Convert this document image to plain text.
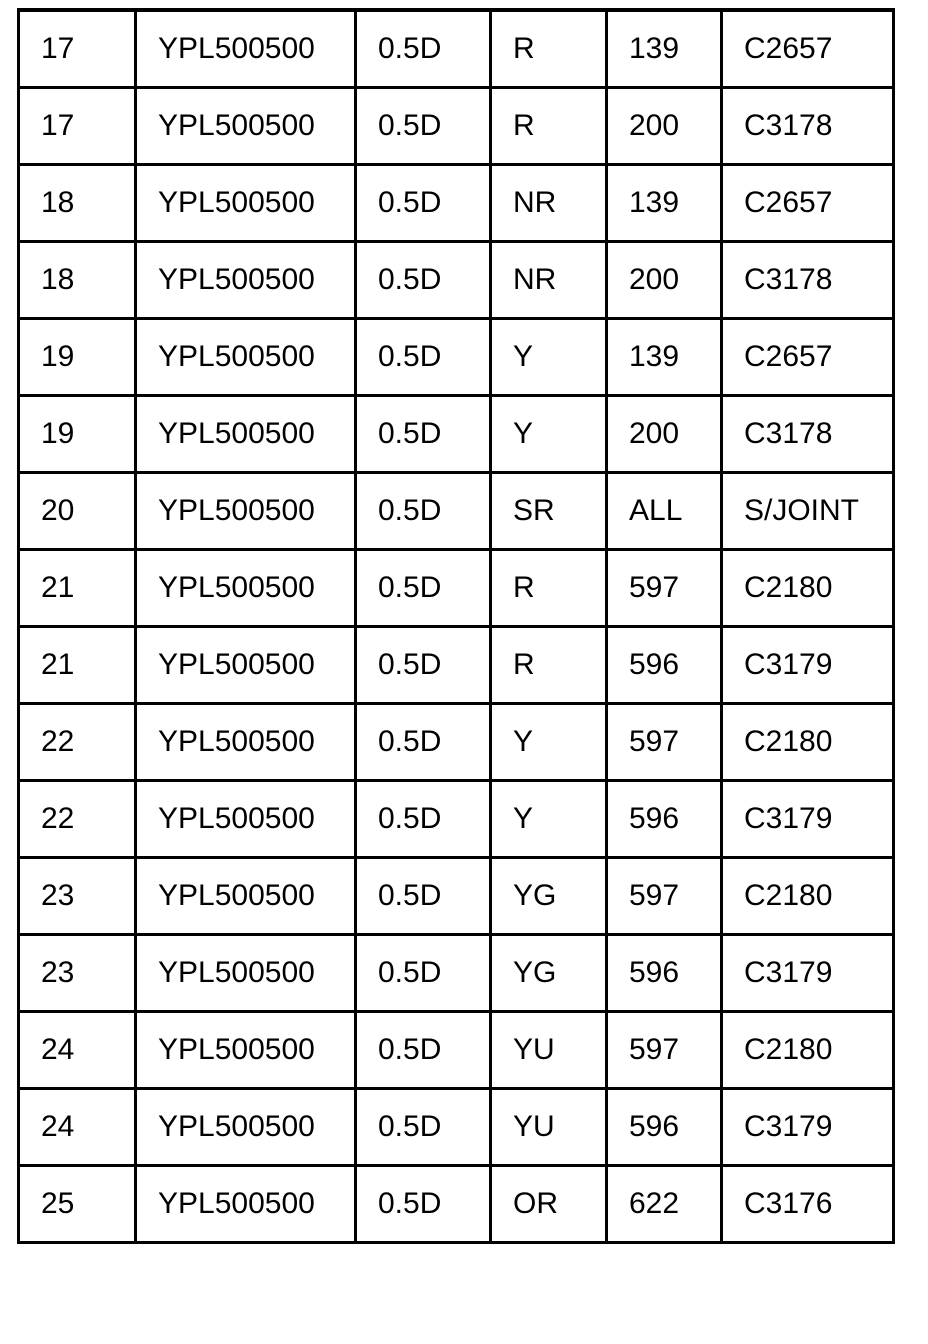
17	YPL500500	0.5D	R	139	C2657
17	YPL500500	0.5D	R	200	C3178
18	YPL500500	0.5D	NR	139	C2657
18	YPL500500	0.5D	NR	200	C3178
19	YPL500500	0.5D	Y	139	C2657
19	YPL500500	0.5D	Y	200	C3178
20	YPL500500	0.5D	SR	ALL	S/JOINT
21	YPL500500	0.5D	R	597	C2180
21	YPL500500	0.5D	R	596	C3179
22	YPL500500	0.5D	Y	597	C2180
22	YPL500500	0.5D	Y	596	C3179
23	YPL500500	0.5D	YG	597	C2180
23	YPL500500	0.5D	YG	596	C3179
24	YPL500500	0.5D	YU	597	C2180
24	YPL500500	0.5D	YU	596	C3179
25	YPL500500	0.5D	OR	622	C3176
